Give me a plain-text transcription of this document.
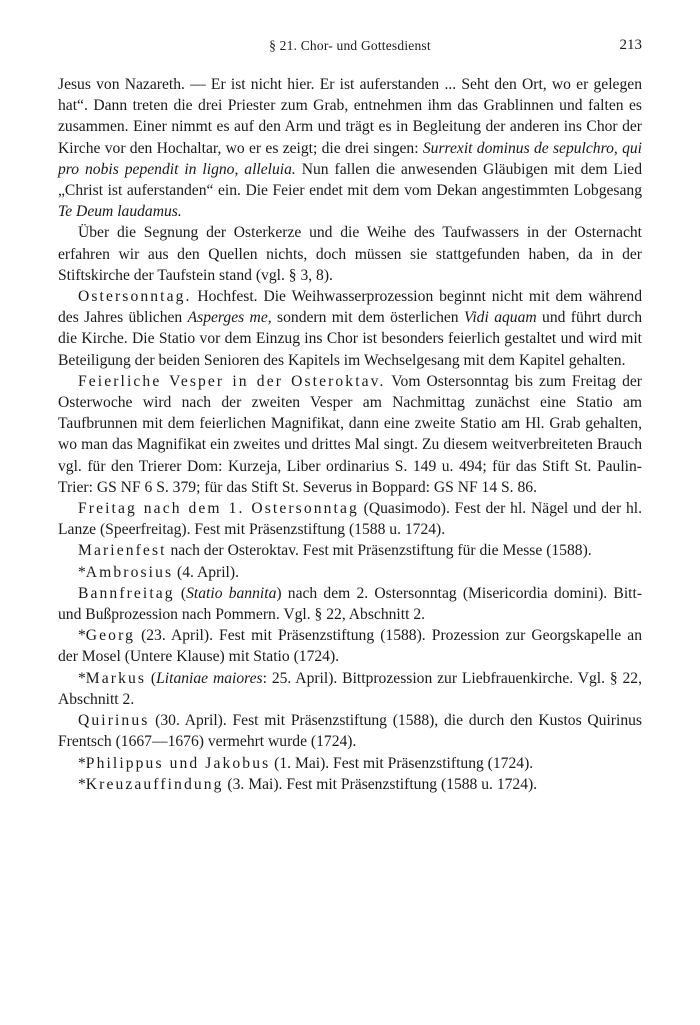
§ 21. Chor- und Gottesdienst	213

Jesus von Nazareth. — Er ist nicht hier. Er ist auferstanden ... Seht den Ort, wo er gelegen hat“. Dann treten die drei Priester zum Grab, entnehmen ihm das Grablinnen und falten es zusammen. Einer nimmt es auf den Arm und trägt es in Begleitung der anderen ins Chor der Kirche vor den Hochaltar, wo er es zeigt; die drei singen: Surrexit dominus de sepulchro, qui pro nobis pependit in ligno, alleluia. Nun fallen die anwesenden Gläubigen mit dem Lied „Christ ist auferstanden“ ein. Die Feier endet mit dem vom Dekan angestimmten Lobgesang Te Deum laudamus.

Über die Segnung der Osterkerze und die Weihe des Taufwassers in der Osternacht erfahren wir aus den Quellen nichts, doch müssen sie stattgefunden haben, da in der Stiftskirche der Taufstein stand (vgl. § 3, 8).

Ostersonntag. Hochfest. Die Weihwasserprozession beginnt nicht mit dem während des Jahres üblichen Asperges me, sondern mit dem österlichen Vidi aquam und führt durch die Kirche. Die Statio vor dem Einzug ins Chor ist besonders feierlich gestaltet und wird mit Beteiligung der beiden Senioren des Kapitels im Wechselgesang mit dem Kapitel gehalten.

Feierliche Vesper in der Osteroktav. Vom Ostersonntag bis zum Freitag der Osterwoche wird nach der zweiten Vesper am Nachmittag zunächst eine Statio am Taufbrunnen mit dem feierlichen Magnifikat, dann eine zweite Statio am Hl. Grab gehalten, wo man das Magnifikat ein zweites und drittes Mal singt. Zu diesem weitverbreiteten Brauch vgl. für den Trierer Dom: Kurzeja, Liber ordinarius S. 149 u. 494; für das Stift St. Paulin-Trier: GS NF 6 S. 379; für das Stift St. Severus in Boppard: GS NF 14 S. 86.

Freitag nach dem 1. Ostersonntag (Quasimodo). Fest der hl. Nägel und der hl. Lanze (Speerfreitag). Fest mit Präsenzstiftung (1588 u. 1724).

Marienfest nach der Osteroktav. Fest mit Präsenzstiftung für die Messe (1588).

*Ambrosius (4. April).

Bannfreitag (Statio bannita) nach dem 2. Ostersonntag (Misericordia domini). Bitt- und Bußprozession nach Pommern. Vgl. § 22, Abschnitt 2.

*Georg (23. April). Fest mit Präsenzstiftung (1588). Prozession zur Georgskapelle an der Mosel (Untere Klause) mit Statio (1724).

*Markus (Litaniae maiores: 25. April). Bittprozession zur Liebfrauenkirche. Vgl. § 22, Abschnitt 2.

Quirinus (30. April). Fest mit Präsenzstiftung (1588), die durch den Kustos Quirinus Frentsch (1667—1676) vermehrt wurde (1724).

*Philippus und Jakobus (1. Mai). Fest mit Präsenzstiftung (1724).

*Kreuzauffindung (3. Mai). Fest mit Präsenzstiftung (1588 u. 1724).
